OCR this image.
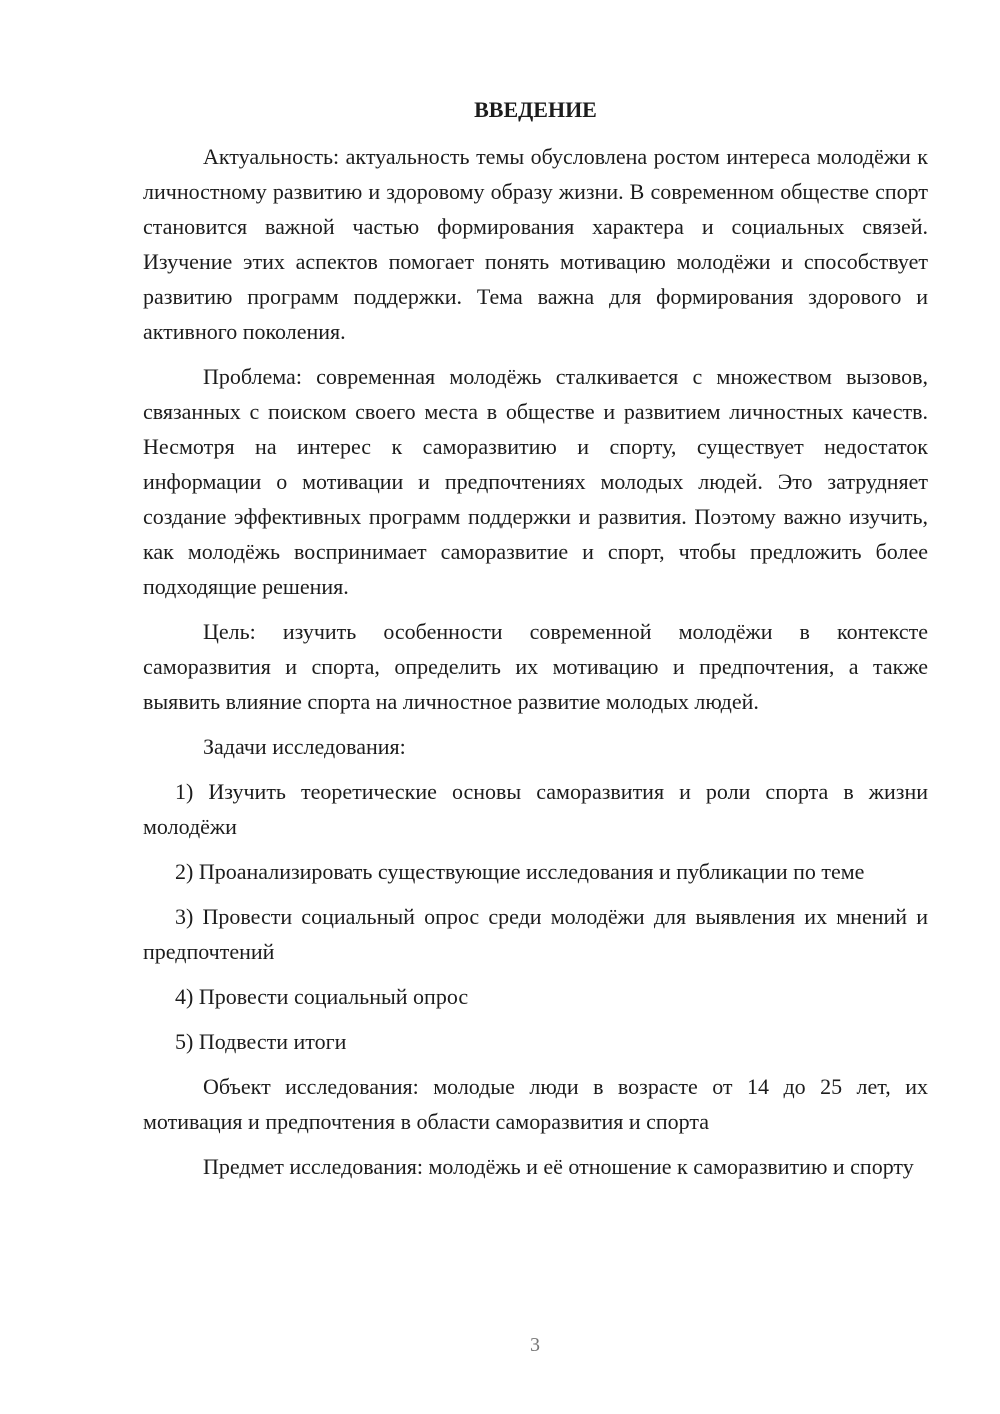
ВВЕДЕНИЕ

Актуальность: актуальность темы обусловлена ростом интереса молодёжи к личностному развитию и здоровому образу жизни. В современном обществе спорт становится важной частью формирования характера и социальных связей. Изучение этих аспектов помогает понять мотивацию молодёжи и способствует развитию программ поддержки. Тема важна для формирования здорового и активного поколения.

Проблема: современная молодёжь сталкивается с множеством вызовов, связанных с поиском своего места в обществе и развитием личностных качеств. Несмотря на интерес к саморазвитию и спорту, существует недостаток информации о мотивации и предпочтениях молодых людей. Это затрудняет создание эффективных программ поддержки и развития. Поэтому важно изучить, как молодёжь воспринимает саморазвитие и спорт, чтобы предложить более подходящие решения.

Цель: изучить особенности современной молодёжи в контексте саморазвития и спорта, определить их мотивацию и предпочтения, а также выявить влияние спорта на личностное развитие молодых людей.

Задачи исследования:

1) Изучить теоретические основы саморазвития и роли спорта в жизни молодёжи

2) Проанализировать существующие исследования и публикации по теме

3) Провести социальный опрос среди молодёжи для выявления их мнений и предпочтений

4) Провести социальный опрос

5) Подвести итоги

Объект исследования: молодые люди в возрасте от 14 до 25 лет, их мотивация и предпочтения в области саморазвития и спорта

Предмет исследования: молодёжь и её отношение к саморазвитию и спорту

3
